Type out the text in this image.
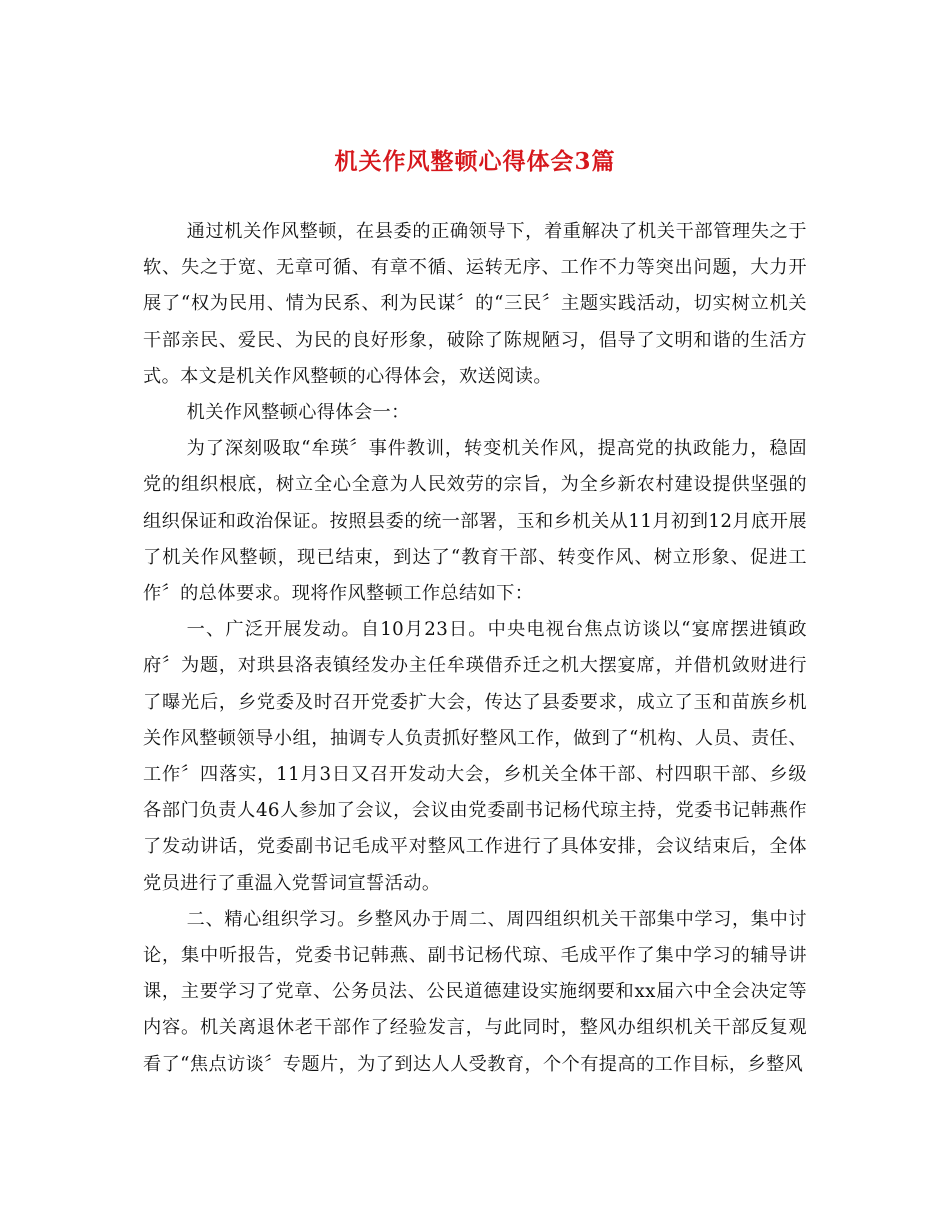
机关作风整顿心得体会3篇

通过机关作风整顿，在县委的正确领导下，着重解决了机关干部管理失之于软、失之于宽、无章可循、有章不循、运转无序、工作不力等突出问题，大力开展了“权为民用、情为民系、利为民谋〞的“三民〞主题实践活动，切实树立机关干部亲民、爱民、为民的良好形象，破除了陈规陋习，倡导了文明和谐的生活方式。本文是机关作风整顿的心得体会，欢送阅读。

机关作风整顿心得体会一：

为了深刻吸取“牟瑛〞事件教训，转变机关作风，提高党的执政能力，稳固党的组织根底，树立全心全意为人民效劳的宗旨，为全乡新农村建设提供坚强的组织保证和政治保证。按照县委的统一部署，玉和乡机关从11月初到12月底开展了机关作风整顿，现已结束，到达了“教育干部、转变作风、树立形象、促进工作〞的总体要求。现将作风整顿工作总结如下：

一、广泛开展发动。自10月23日。中央电视台焦点访谈以“宴席摆进镇政府〞为题，对珙县洛表镇经发办主任牟瑛借乔迁之机大摆宴席，并借机敛财进行了曝光后，乡党委及时召开党委扩大会，传达了县委要求，成立了玉和苗族乡机关作风整顿领导小组，抽调专人负责抓好整风工作，做到了“机构、人员、责任、工作〞四落实，11月3日又召开发动大会，乡机关全体干部、村四职干部、乡级各部门负责人46人参加了会议，会议由党委副书记杨代琼主持，党委书记韩燕作了发动讲话，党委副书记毛成平对整风工作进行了具体安排，会议结束后，全体党员进行了重温入党誓词宣誓活动。

二、精心组织学习。乡整风办于周二、周四组织机关干部集中学习，集中讨论，集中听报告，党委书记韩燕、副书记杨代琼、毛成平作了集中学习的辅导讲课，主要学习了党章、公务员法、公民道德建设实施纲要和xx届六中全会决定等内容。机关离退休老干部作了经验发言，与此同时，整风办组织机关干部反复观看了“焦点访谈〞专题片，为了到达人人受教育，个个有提高的工作目标，乡整风
